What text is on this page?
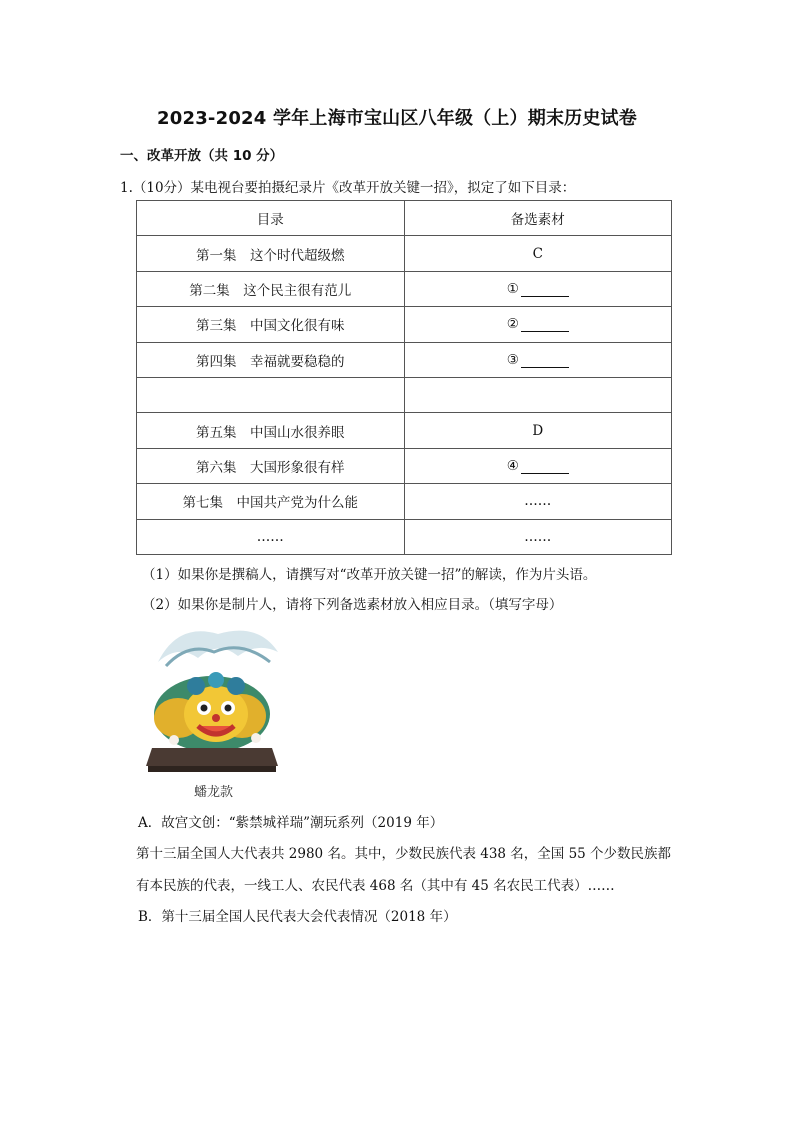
2023-2024 学年上海市宝山区八年级（上）期末历史试卷
一、改革开放（共 10 分）
1.（10分）某电视台要拍摄纪录片《改革开放关键一招》，拟定了如下目录：
目录	备选素材
第一集　这个时代超级燃	C
第二集　这个民主很有范儿	①
第三集　中国文化很有味	②
第四集　幸福就要稳稳的	③

第五集　中国山水很养眼	D
第六集　大国形象很有样	④
第七集　中国共产党为什么能	……
……	……
（1）如果你是撰稿人，请撰写对“改革开放关键一招”的解读，作为片头语。
（2）如果你是制片人，请将下列备选素材放入相应目录。（填写字母）
蟠龙款
A．故宫文创：“紫禁城祥瑞”潮玩系列（2019 年）
第十三届全国人大代表共 2980 名。其中，少数民族代表 438 名，全国 55 个少数民族都
有本民族的代表，一线工人、农民代表 468 名（其中有 45 名农民工代表）……
B．第十三届全国人民代表大会代表情况（2018 年）
